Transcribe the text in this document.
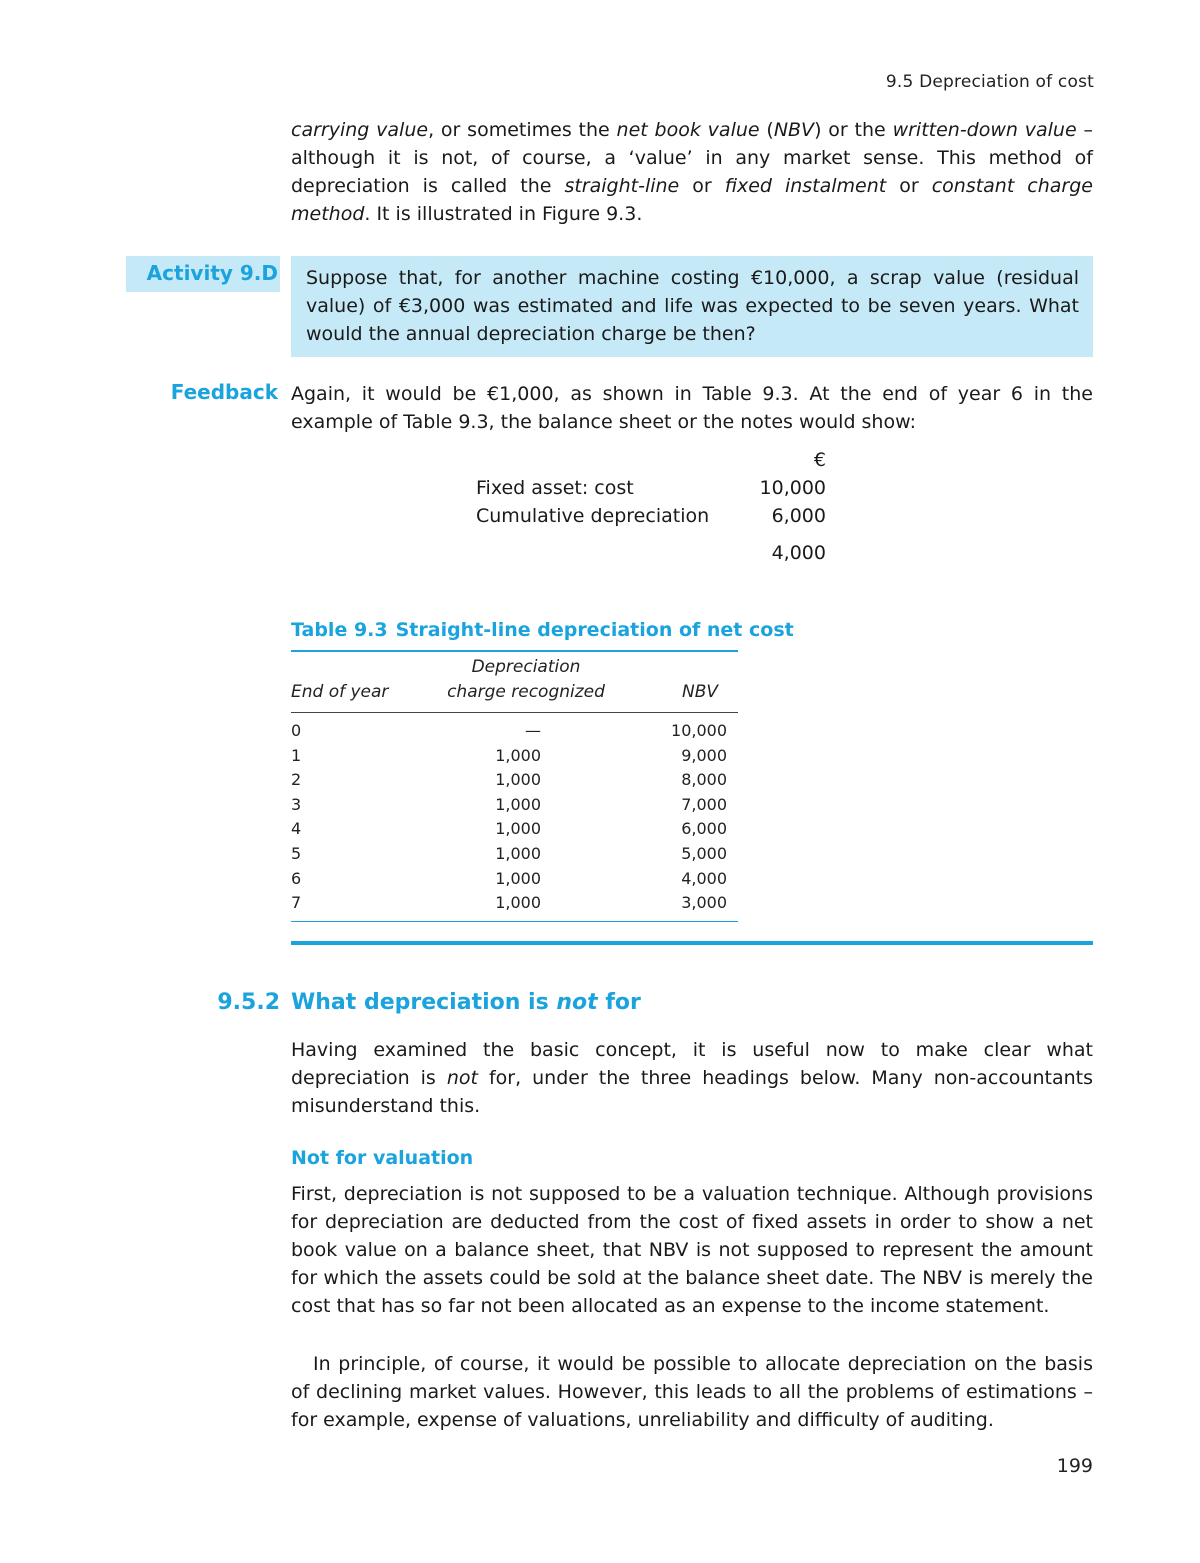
9.5 Depreciation of cost
carrying value, or sometimes the net book value (NBV) or the written-down value – although it is not, of course, a ‘value’ in any market sense. This method of depreciation is called the straight-line or fixed instalment or constant charge method. It is illustrated in Figure 9.3.
Activity 9.D Suppose that, for another machine costing €10,000, a scrap value (residual value) of €3,000 was estimated and life was expected to be seven years. What would the annual depreciation charge be then?
Feedback Again, it would be €1,000, as shown in Table 9.3. At the end of year 6 in the example of Table 9.3, the balance sheet or the notes would show:
€
Fixed asset: cost	10,000
Cumulative depreciation	6,000
4,000
Table 9.3 Straight-line depreciation of net cost
End of year
Depreciation
charge recognized	NBV
0	—	10,000
1	1,000	9,000
2	1,000	8,000
3	1,000	7,000
4	1,000	6,000
5	1,000	5,000
6	1,000	4,000
7	1,000	3,000
9.5.2 What depreciation is not for
Having examined the basic concept, it is useful now to make clear what depreciation is not for, under the three headings below. Many non-accountants misunderstand this.
Not for valuation
First, depreciation is not supposed to be a valuation technique. Although provisions for depreciation are deducted from the cost of fixed assets in order to show a net book value on a balance sheet, that NBV is not supposed to represent the amount for which the assets could be sold at the balance sheet date. The NBV is merely the cost that has so far not been allocated as an expense to the income statement.
In principle, of course, it would be possible to allocate depreciation on the basis of declining market values. However, this leads to all the problems of estimations – for example, expense of valuations, unreliability and difficulty of auditing.
199
